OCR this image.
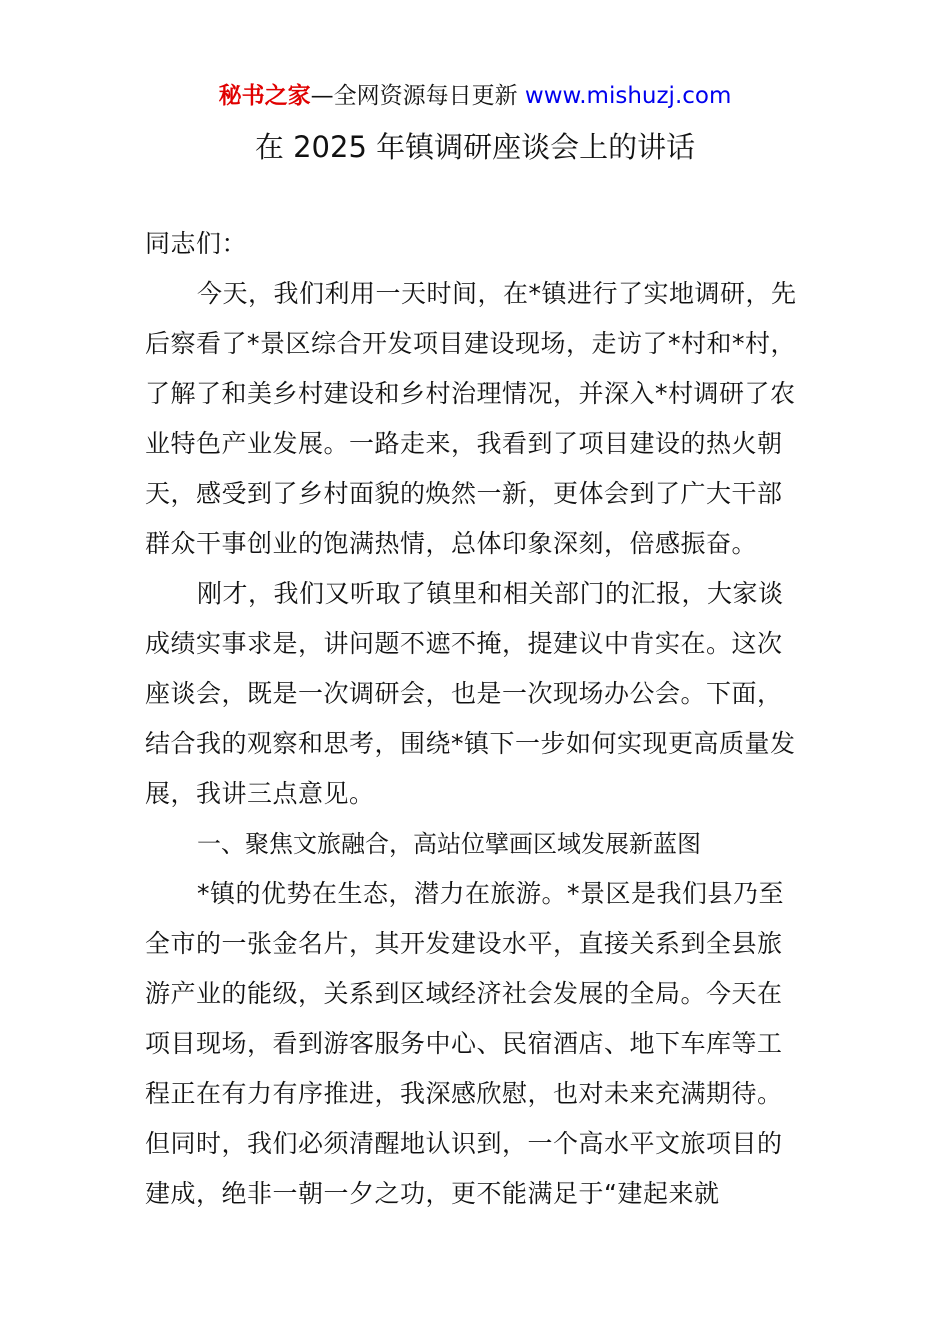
秘书之家—全网资源每日更新 www.mishuzj.com
在 2025 年镇调研座谈会上的讲话

同志们：

今天，我们利用一天时间，在*镇进行了实地调研，先

后察看了*景区综合开发项目建设现场，走访了*村和*村，

了解了和美乡村建设和乡村治理情况，并深入*村调研了农

业特色产业发展。一路走来，我看到了项目建设的热火朝

天，感受到了乡村面貌的焕然一新，更体会到了广大干部

群众干事创业的饱满热情，总体印象深刻，倍感振奋。

刚才，我们又听取了镇里和相关部门的汇报，大家谈

成绩实事求是，讲问题不遮不掩，提建议中肯实在。这次

座谈会，既是一次调研会，也是一次现场办公会。下面，

结合我的观察和思考，围绕*镇下一步如何实现更高质量发

展，我讲三点意见。

一、聚焦文旅融合，高站位擘画区域发展新蓝图

*镇的优势在生态，潜力在旅游。*景区是我们县乃至

全市的一张金名片，其开发建设水平，直接关系到全县旅

游产业的能级，关系到区域经济社会发展的全局。今天在

项目现场，看到游客服务中心、民宿酒店、地下车库等工

程正在有力有序推进，我深感欣慰，也对未来充满期待。

但同时，我们必须清醒地认识到，一个高水平文旅项目的

建成，绝非一朝一夕之功，更不能满足于“建起来就
